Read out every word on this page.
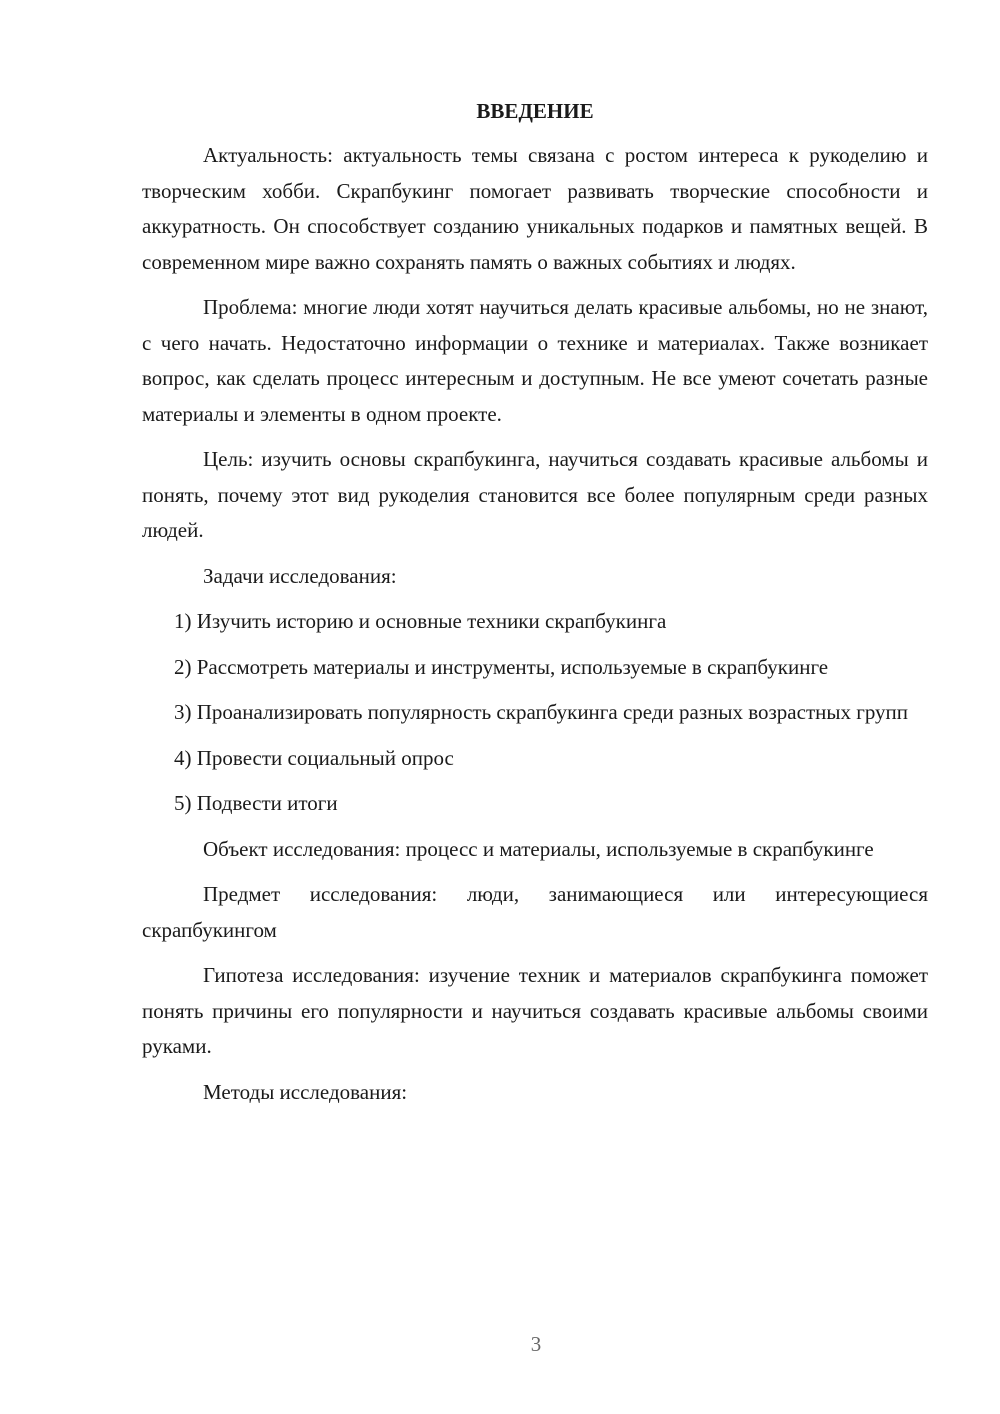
ВВЕДЕНИЕ

Актуальность: актуальность темы связана с ростом интереса к рукоделию и творческим хобби. Скрапбукинг помогает развивать творческие способности и аккуратность. Он способствует созданию уникальных подарков и памятных вещей. В современном мире важно сохранять память о важных событиях и людях.

Проблема: многие люди хотят научиться делать красивые альбомы, но не знают, с чего начать. Недостаточно информации о технике и материалах. Также возникает вопрос, как сделать процесс интересным и доступным. Не все умеют сочетать разные материалы и элементы в одном проекте.

Цель: изучить основы скрапбукинга, научиться создавать красивые альбомы и понять, почему этот вид рукоделия становится все более популярным среди разных людей.

Задачи исследования:

1) Изучить историю и основные техники скрапбукинга

2) Рассмотреть материалы и инструменты, используемые в скрапбукинге

3) Проанализировать популярность скрапбукинга среди разных возрастных групп

4) Провести социальный опрос

5) Подвести итоги

Объект исследования: процесс и материалы, используемые в скрапбукинге

Предмет исследования: люди, занимающиеся или интересующиеся скрапбукингом

Гипотеза исследования: изучение техник и материалов скрапбукинга поможет понять причины его популярности и научиться создавать красивые альбомы своими руками.

Методы исследования:

3
